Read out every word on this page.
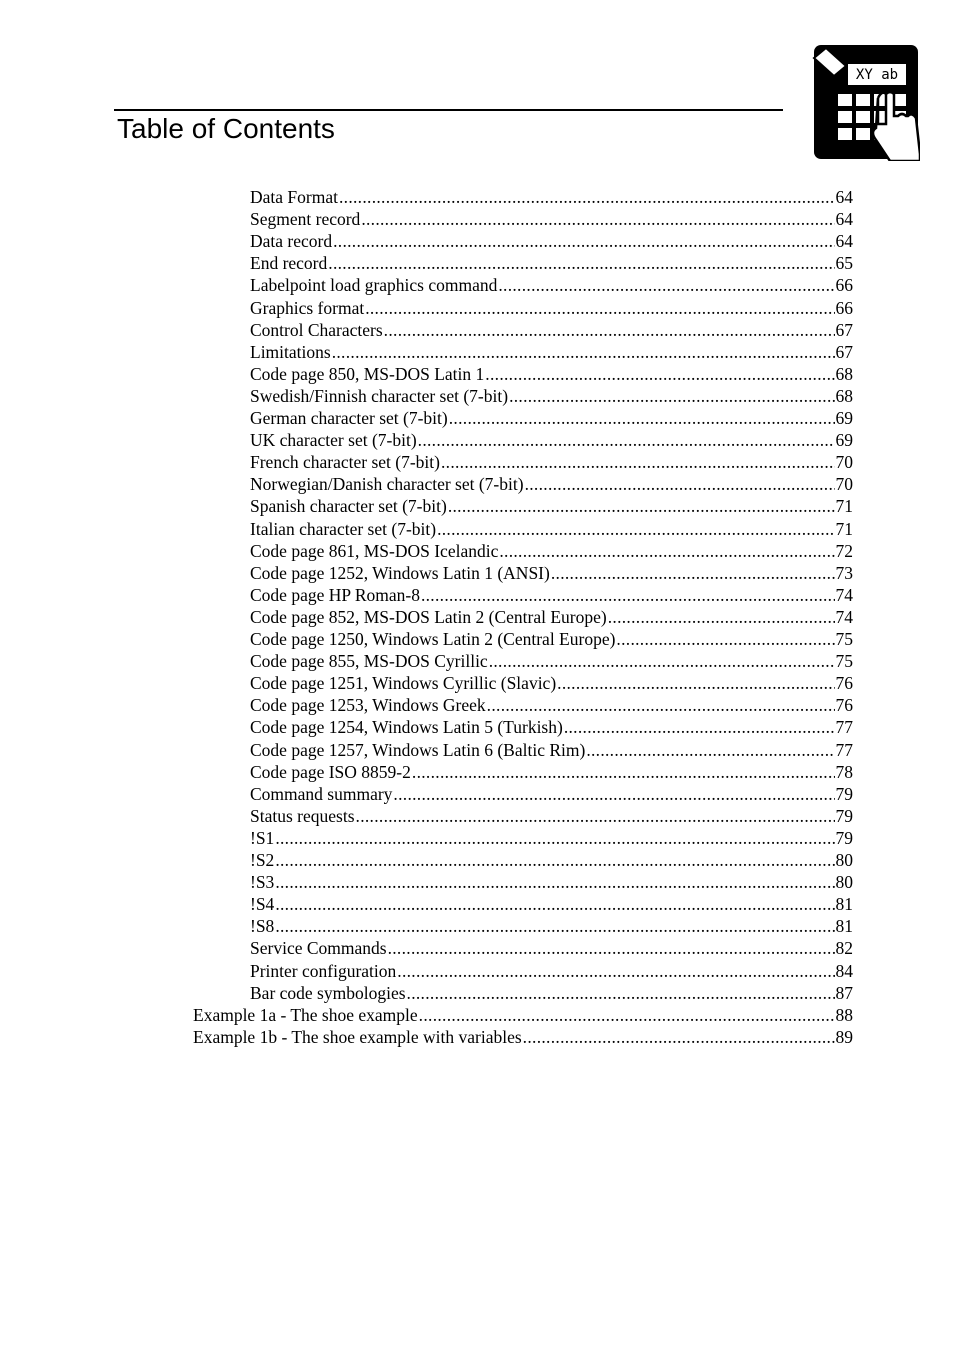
Table of Contents
XY ab
Data Format .....	64
Segment record .....	64
Data record .....	64
End record .....	65
Labelpoint load graphics command .....	66
Graphics format .....	66
Control Characters .....	67
Limitations .....	67
Code page 850, MS-DOS Latin 1 .....	68
Swedish/Finnish character set (7-bit) .....	68
German character set (7-bit) .....	69
UK character set (7-bit) .....	69
French character set (7-bit) .....	70
Norwegian/Danish character set (7-bit) .....	70
Spanish character set (7-bit) .....	71
Italian character set (7-bit) .....	71
Code page 861, MS-DOS Icelandic .....	72
Code page 1252, Windows Latin 1 (ANSI) .....	73
Code page HP Roman-8 .....	74
Code page 852, MS-DOS Latin 2 (Central Europe) .....	74
Code page 1250, Windows Latin 2 (Central Europe) .....	75
Code page 855, MS-DOS Cyrillic .....	75
Code page 1251, Windows Cyrillic (Slavic) .....	76
Code page 1253, Windows Greek .....	76
Code page 1254, Windows Latin 5 (Turkish) .....	77
Code page 1257, Windows Latin 6 (Baltic Rim) .....	77
Code page ISO 8859-2 .....	78
Command summary .....	79
Status requests .....	79
!S1 .....	79
!S2 .....	80
!S3 .....	80
!S4 .....	81
!S8 .....	81
Service Commands .....	82
Printer configuration .....	84
Bar code symbologies .....	87
Example 1a - The shoe example .....	88
Example 1b - The shoe example with variables .....	89
